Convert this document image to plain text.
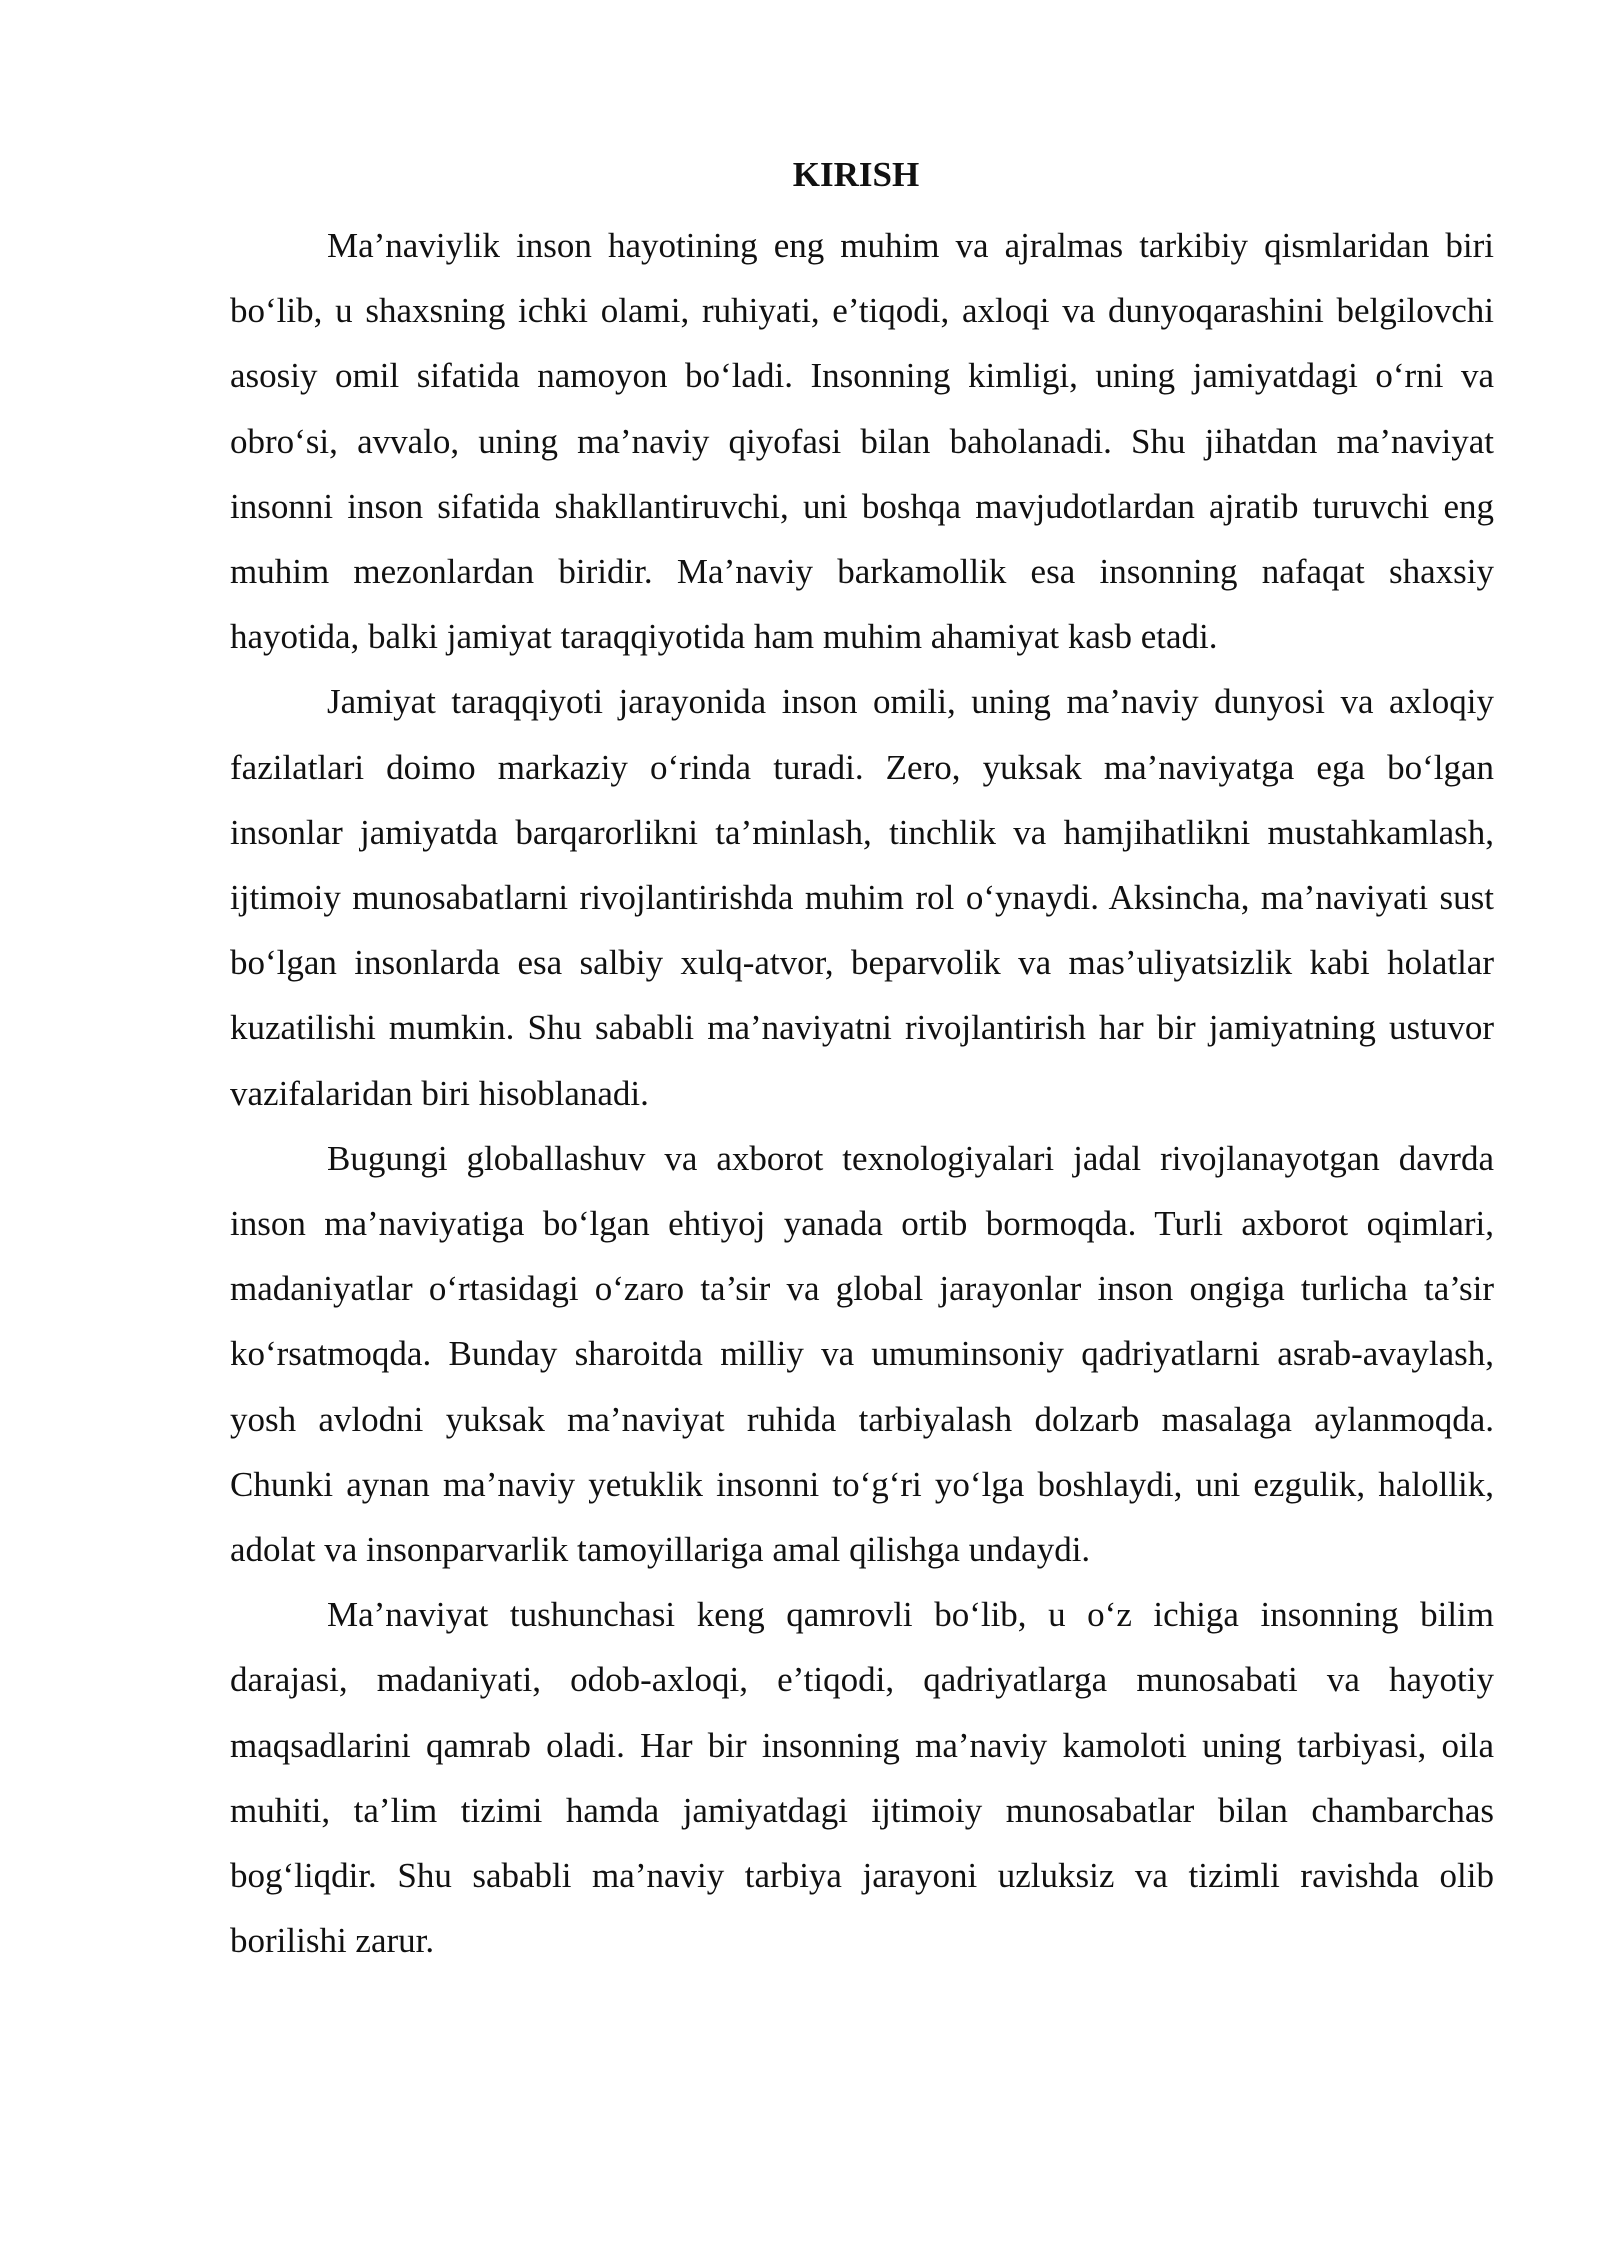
KIRISH

Ma’naviylik inson hayotining eng muhim va ajralmas tarkibiy qismlaridan biri bo‘lib, u shaxsning ichki olami, ruhiyati, e’tiqodi, axloqi va dunyoqarashini belgilovchi asosiy omil sifatida namoyon bo‘ladi. Insonning kimligi, uning jamiyatdagi o‘rni va obro‘si, avvalo, uning ma’naviy qiyofasi bilan baholanadi. Shu jihatdan ma’naviyat insonni inson sifatida shakllantiruvchi, uni boshqa mavjudotlardan ajratib turuvchi eng muhim mezonlardan biridir. Ma’naviy barkamollik esa insonning nafaqat shaxsiy hayotida, balki jamiyat taraqqiyotida ham muhim ahamiyat kasb etadi.

Jamiyat taraqqiyoti jarayonida inson omili, uning ma’naviy dunyosi va axloqiy fazilatlari doimo markaziy o‘rinda turadi. Zero, yuksak ma’naviyatga ega bo‘lgan insonlar jamiyatda barqarorlikni ta’minlash, tinchlik va hamjihatlikni mustahkamlash, ijtimoiy munosabatlarni rivojlantirishda muhim rol o‘ynaydi. Aksincha, ma’naviyati sust bo‘lgan insonlarda esa salbiy xulq-atvor, beparvolik va mas’uliyatsizlik kabi holatlar kuzatilishi mumkin. Shu sababli ma’naviyatni rivojlantirish har bir jamiyatning ustuvor vazifalaridan biri hisoblanadi.

Bugungi globallashuv va axborot texnologiyalari jadal rivojlanayotgan davrda inson ma’naviyatiga bo‘lgan ehtiyoj yanada ortib bormoqda. Turli axborot oqimlari, madaniyatlar o‘rtasidagi o‘zaro ta’sir va global jarayonlar inson ongiga turlicha ta’sir ko‘rsatmoqda. Bunday sharoitda milliy va umuminsoniy qadriyatlarni asrab-avaylash, yosh avlodni yuksak ma’naviyat ruhida tarbiyalash dolzarb masalaga aylanmoqda. Chunki aynan ma’naviy yetuklik insonni to‘g‘ri yo‘lga boshlaydi, uni ezgulik, halollik, adolat va insonparvarlik tamoyillariga amal qilishga undaydi.

Ma’naviyat tushunchasi keng qamrovli bo‘lib, u o‘z ichiga insonning bilim darajasi, madaniyati, odob-axloqi, e’tiqodi, qadriyatlarga munosabati va hayotiy maqsadlarini qamrab oladi. Har bir insonning ma’naviy kamoloti uning tarbiyasi, oila muhiti, ta’lim tizimi hamda jamiyatdagi ijtimoiy munosabatlar bilan chambarchas bog‘liqdir. Shu sababli ma’naviy tarbiya jarayoni uzluksiz va tizimli ravishda olib borilishi zarur.
